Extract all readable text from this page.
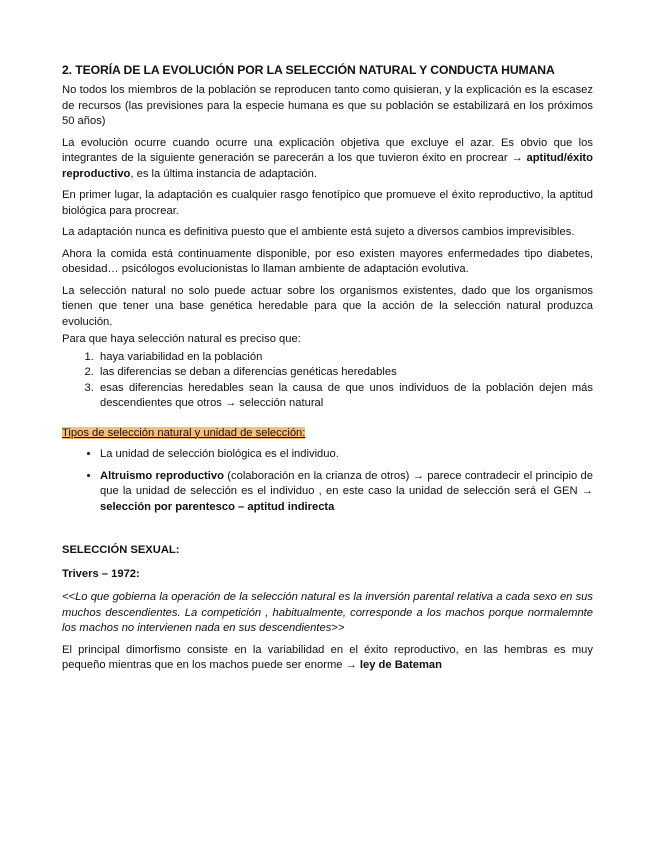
2. TEORÍA DE LA EVOLUCIÓN POR LA SELECCIÓN NATURAL Y CONDUCTA HUMANA

No todos los miembros de la población se reproducen tanto como quisieran, y la explicación es la escasez de recursos (las previsiones para la especie humana es que su población se estabilizará en los próximos 50 años)

La evolución ocurre cuando ocurre una explicación objetiva que excluye el azar. Es obvio que los integrantes de la siguiente generación se parecerán a los que tuvieron éxito en procrear → aptitud/éxito reproductivo, es la última instancia de adaptación.

En primer lugar, la adaptación es cualquier rasgo fenotípico que promueve el éxito reproductivo, la aptitud biológica para procrear.

La adaptación nunca es definitiva puesto que el ambiente está sujeto a diversos cambios imprevisibles.

Ahora la comida está continuamente disponible, por eso existen mayores enfermedades tipo diabetes, obesidad… psicólogos evolucionistas lo llaman ambiente de adaptación evolutiva.

La selección natural no solo puede actuar sobre los organismos existentes, dado que los organismos tienen que tener una base genética heredable para que la acción de la selección natural produzca evolución.

Para que haya selección natural es preciso que:

1. haya variabilidad en la población
2. las diferencias se deban a diferencias genéticas heredables
3. esas diferencias heredables sean la causa de que unos individuos de la población dejen más descendientes que otros → selección natural

Tipos de selección natural y unidad de selección:

• La unidad de selección biológica es el individuo.
• Altruismo reproductivo (colaboración en la crianza de otros) → parece contradecir el principio de que la unidad de selección es el individuo , en este caso la unidad de selección será el GEN → selección por parentesco – aptitud indirecta

SELECCIÓN SEXUAL:

Trivers – 1972:

<<Lo que gobierna la operación de la selección natural es la inversión parental relativa a cada sexo en sus muchos descendientes. La competición , habitualmente, corresponde a los machos porque normalemnte los machos no intervienen nada en sus descendientes>>

El principal dimorfismo consiste en la variabilidad en el éxito reproductivo, en las hembras es muy pequeño mientras que en los machos puede ser enorme → ley de Bateman
